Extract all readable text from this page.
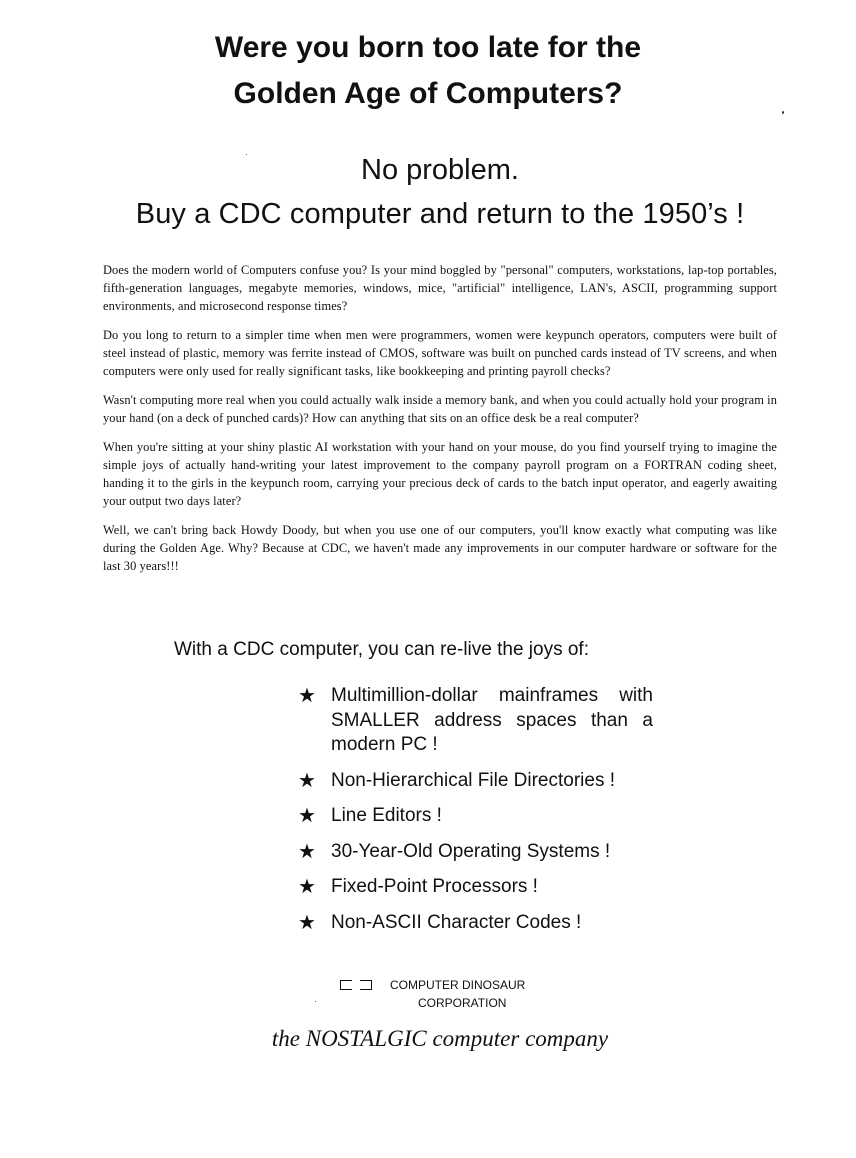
Were you born too late for the
Golden Age of Computers?
No problem.
Buy a CDC computer and return to the 1950’s !

Does the modern world of Computers confuse you? Is your mind boggled by "personal" computers, workstations, lap-top portables, fifth-generation languages, megabyte memories, windows, mice, "artificial" intelligence, LAN's, ASCII, programming support environments, and microsecond response times?

Do you long to return to a simpler time when men were programmers, women were keypunch operators, computers were built of steel instead of plastic, memory was ferrite instead of CMOS, software was built on punched cards instead of TV screens, and when computers were only used for really significant tasks, like bookkeeping and printing payroll checks?

Wasn't computing more real when you could actually walk inside a memory bank, and when you could actually hold your program in your hand (on a deck of punched cards)? How can anything that sits on an office desk be a real computer?

When you're sitting at your shiny plastic AI workstation with your hand on your mouse, do you find yourself trying to imagine the simple joys of actually hand-writing your latest improvement to the company payroll program on a FORTRAN coding sheet, handing it to the girls in the keypunch room, carrying your precious deck of cards to the batch input operator, and eagerly awaiting your output two days later?

Well, we can't bring back Howdy Doody, but when you use one of our computers, you'll know exactly what computing was like during the Golden Age. Why? Because at CDC, we haven't made any improvements in our computer hardware or software for the last 30 years!!!

With a CDC computer, you can re-live the joys of:

★ Multimillion-dollar mainframes with SMALLER address spaces than a modern PC !
★ Non-Hierarchical File Directories !
★ Line Editors !
★ 30-Year-Old Operating Systems !
★ Fixed-Point Processors !
★ Non-ASCII Character Codes !
COMPUTER DINOSAUR
CORPORATION

the NOSTALGIC computer company
